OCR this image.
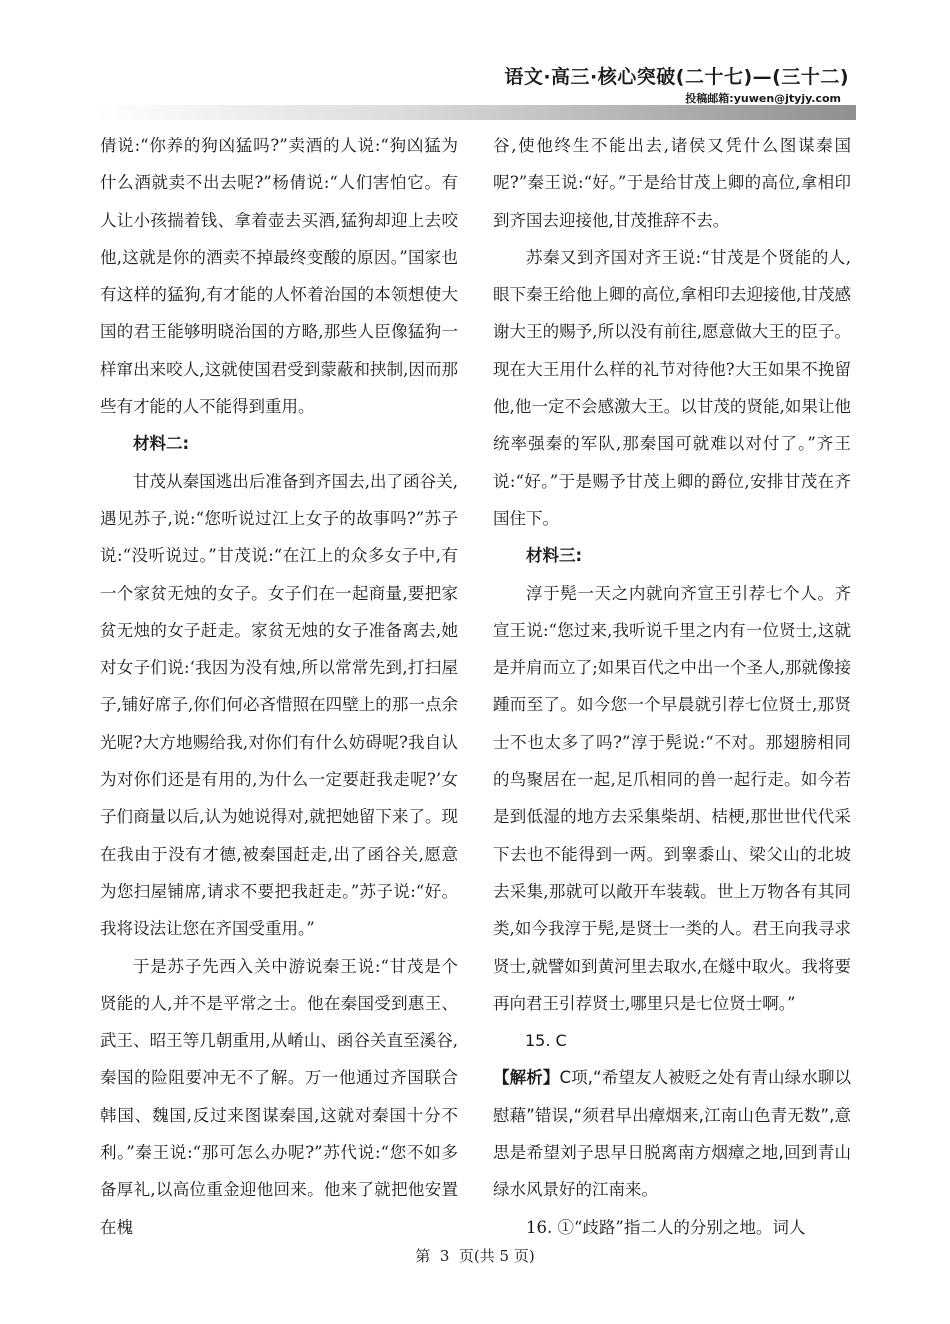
语文·高三·核心突破(二十七)—(三十二)
投稿邮箱:yuwen@jtyjy.com

倩说:“你养的狗凶猛吗?”卖酒的人说:“狗凶猛为什么酒就卖不出去呢?”杨倩说:“人们害怕它。有人让小孩揣着钱、拿着壶去买酒,猛狗却迎上去咬他,这就是你的酒卖不掉最终变酸的原因。”国家也有这样的猛狗,有才能的人怀着治国的本领想使大国的君王能够明晓治国的方略,那些人臣像猛狗一样窜出来咬人,这就使国君受到蒙蔽和挟制,因而那些有才能的人不能得到重用。

材料二:

甘茂从秦国逃出后准备到齐国去,出了函谷关,遇见苏子,说:“您听说过江上女子的故事吗?”苏子说:“没听说过。”甘茂说:“在江上的众多女子中,有一个家贫无烛的女子。女子们在一起商量,要把家贫无烛的女子赶走。家贫无烛的女子准备离去,她对女子们说:‘我因为没有烛,所以常常先到,打扫屋子,铺好席子,你们何必吝惜照在四壁上的那一点余光呢?大方地赐给我,对你们有什么妨碍呢?我自认为对你们还是有用的,为什么一定要赶我走呢?’女子们商量以后,认为她说得对,就把她留下来了。现在我由于没有才德,被秦国赶走,出了函谷关,愿意为您扫屋铺席,请求不要把我赶走。”苏子说:“好。我将设法让您在齐国受重用。”

于是苏子先西入关中游说秦王说:“甘茂是个贤能的人,并不是平常之士。他在秦国受到惠王、武王、昭王等几朝重用,从崤山、函谷关直至溪谷,秦国的险阻要冲无不了解。万一他通过齐国联合韩国、魏国,反过来图谋秦国,这就对秦国十分不利。”秦王说:“那可怎么办呢?”苏代说:“您不如多备厚礼,以高位重金迎他回来。他来了就把他安置在槐

谷,使他终生不能出去,诸侯又凭什么图谋秦国呢?”秦王说:“好。”于是给甘茂上卿的高位,拿相印到齐国去迎接他,甘茂推辞不去。

苏秦又到齐国对齐王说:“甘茂是个贤能的人,眼下秦王给他上卿的高位,拿相印去迎接他,甘茂感谢大王的赐予,所以没有前往,愿意做大王的臣子。现在大王用什么样的礼节对待他?大王如果不挽留他,他一定不会感激大王。以甘茂的贤能,如果让他统率强秦的军队,那秦国可就难以对付了。”齐王说:“好。”于是赐予甘茂上卿的爵位,安排甘茂在齐国住下。

材料三:

淳于髡一天之内就向齐宣王引荐七个人。齐宣王说:“您过来,我听说千里之内有一位贤士,这就是并肩而立了;如果百代之中出一个圣人,那就像接踵而至了。如今您一个早晨就引荐七位贤士,那贤士不也太多了吗?”淳于髡说:“不对。那翅膀相同的鸟聚居在一起,足爪相同的兽一起行走。如今若是到低湿的地方去采集柴胡、桔梗,那世世代代采下去也不能得到一两。到睾黍山、梁父山的北坡去采集,那就可以敞开车装载。世上万物各有其同类,如今我淳于髡,是贤士一类的人。君王向我寻求贤士,就譬如到黄河里去取水,在燧中取火。我将要再向君王引荐贤士,哪里只是七位贤士啊。”

15. C

【解析】C项,“希望友人被贬之处有青山绿水聊以慰藉”错误,“须君早出瘴烟来,江南山色青无数”,意思是希望刘子思早日脱离南方烟瘴之地,回到青山绿水风景好的江南来。

16. ①“歧路”指二人的分别之地。词人

第  3  页(共 5 页)
